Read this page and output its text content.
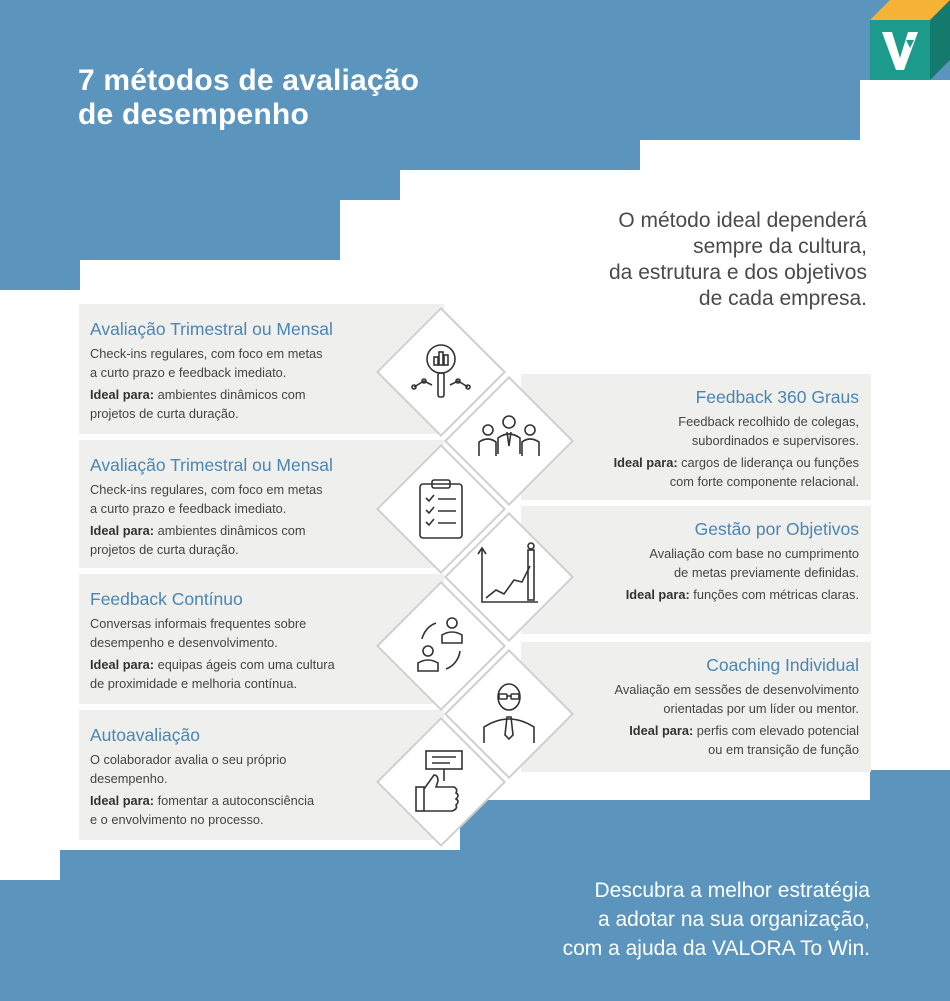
7 métodos de avaliação
de desempenho
O método ideal dependerá
sempre da cultura,
da estrutura e dos objetivos
de cada empresa.
Avaliação Trimestral ou Mensal

Check-ins regulares, com foco em metas
a curto prazo e feedback imediato.

Ideal para: ambientes dinâmicos com
projetos de curta duração.

Feedback 360 Graus

Feedback recolhido de colegas,
subordinados e supervisores.

Ideal para: cargos de liderança ou funções
com forte componente relacional.

Avaliação Trimestral ou Mensal

Check-ins regulares, com foco em metas
a curto prazo e feedback imediato.

Ideal para: ambientes dinâmicos com
projetos de curta duração.

Gestão por Objetivos

Avaliação com base no cumprimento
de metas previamente definidas.

Ideal para: funções com métricas claras.

Feedback Contínuo

Conversas informais frequentes sobre
desempenho e desenvolvimento.

Ideal para: equipas ágeis com uma cultura
de proximidade e melhoria contínua.

Coaching Individual

Avaliação em sessões de desenvolvimento
orientadas por um líder ou mentor.

Ideal para: perfis com elevado potencial
ou em transição de função

Autoavaliação

O colaborador avalia o seu próprio
desempenho.

Ideal para: fomentar a autoconsciência
e o envolvimento no processo.

Descubra a melhor estratégia
a adotar na sua organização,
com a ajuda da VALORA To Win.
